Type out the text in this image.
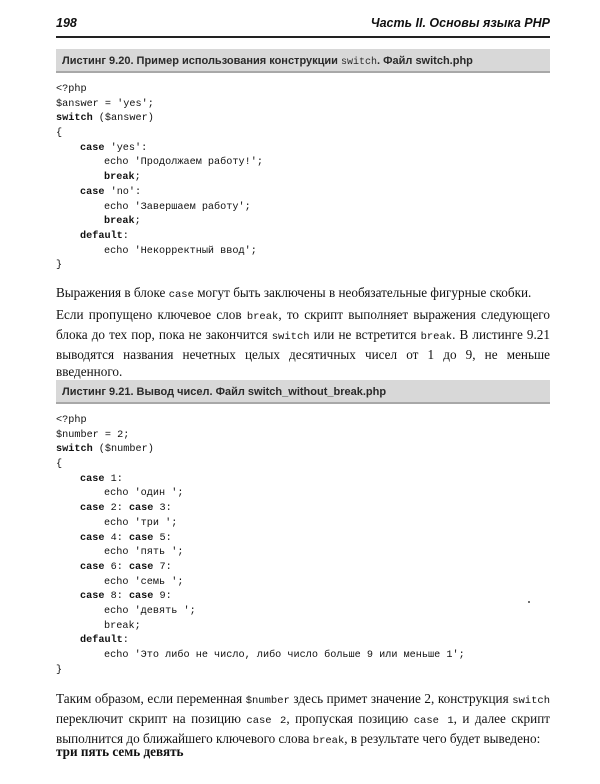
198	Часть II. Основы языка PHP
Листинг 9.20. Пример использования конструкции switch. Файл switch.php
<?php
$answer = 'yes';
switch ($answer)
{
case 'yes':
echo 'Продолжаем работу!';
break;
case 'no':
echo 'Завершаем работу';
break;
default:
echo 'Некорректный ввод';
}
Выражения в блоке case могут быть заключены в необязательные фигурные скобки.
Если пропущено ключевое слов break, то скрипт выполняет выражения следующего блока до тех пор, пока не закончится switch или не встретится break. В листинге 9.21 выводятся названия нечетных целых десятичных чисел от 1 до 9, не меньше введенного.
Листинг 9.21. Вывод чисел. Файл switch_without_break.php
<?php
$number = 2;
switch ($number)
{
case 1:
echo 'один ';
case 2: case 3:
echo 'три ';
case 4: case 5:
echo 'пять ';
case 6: case 7:
echo 'семь ';
case 8: case 9:
echo 'девять ';
break;
default:
echo 'Это либо не число, либо число больше 9 или меньше 1';
}
Таким образом, если переменная $number здесь примет значение 2, конструкция switch переключит скрипт на позицию case 2, пропуская позицию case 1, и далее скрипт выполнится до ближайшего ключевого слова break, в результате чего будет выведено:
три пять семь девять
